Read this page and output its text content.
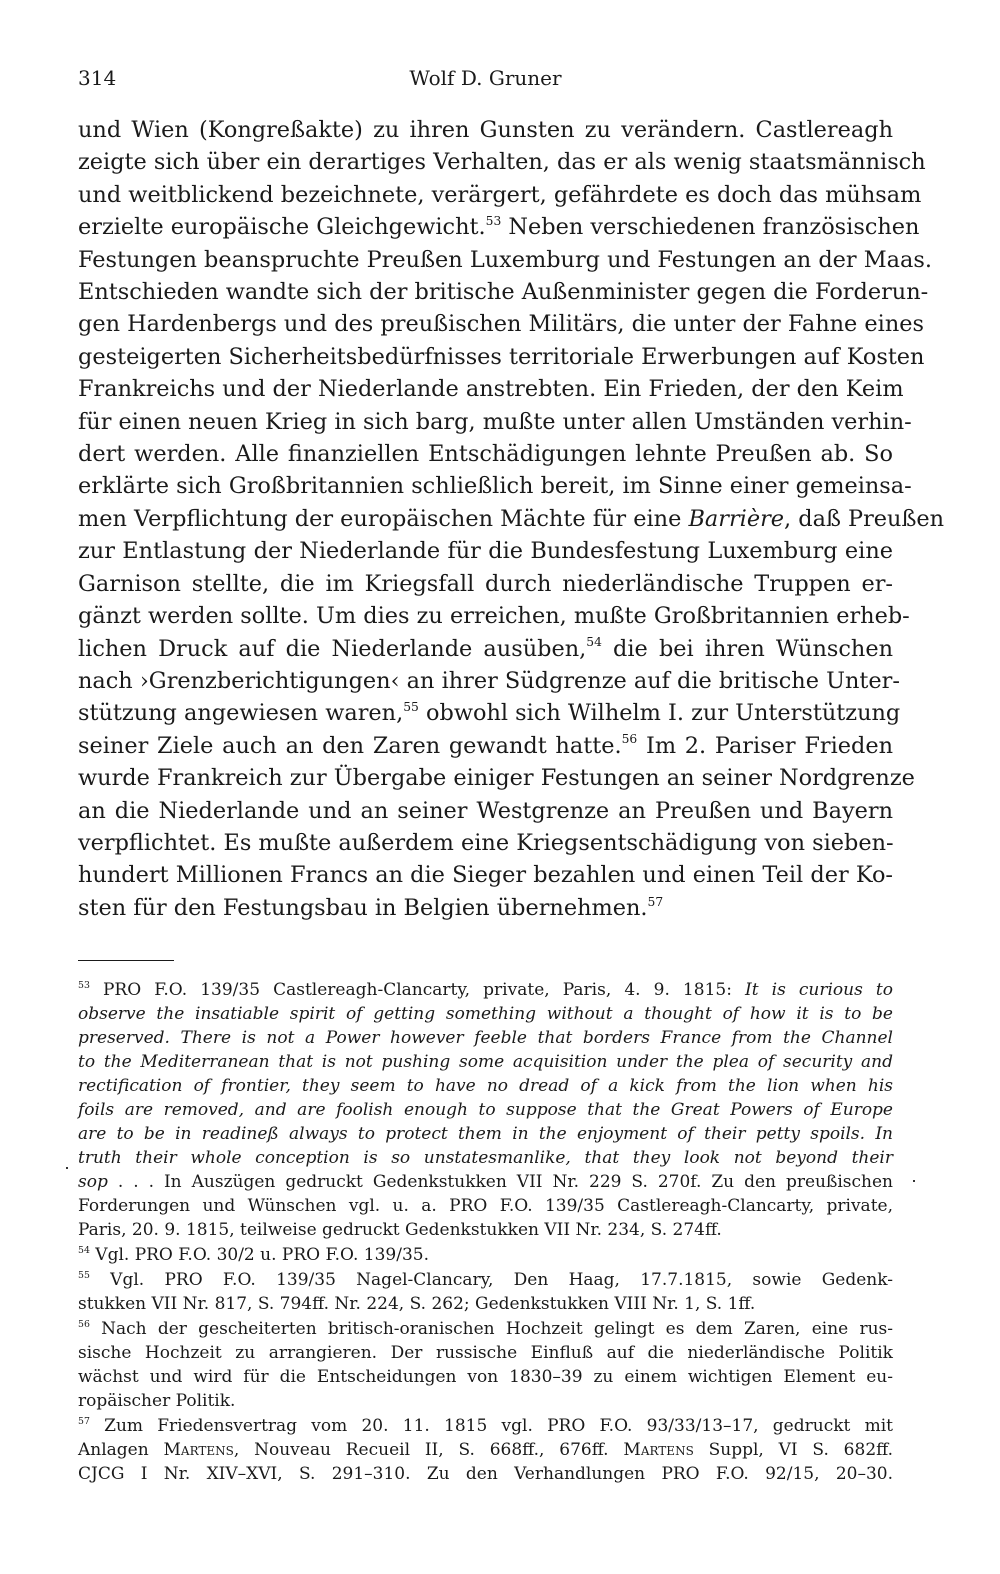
314	Wolf D. Gruner
und Wien (Kongreßakte) zu ihren Gunsten zu verändern. Castlereagh
zeigte sich über ein derartiges Verhalten, das er als wenig staatsmännisch
und weitblickend bezeichnete, verärgert, gefährdete es doch das mühsam
erzielte europäische Gleichgewicht.$^{53}$ Neben verschiedenen französischen
Festungen beanspruchte Preußen Luxemburg und Festungen an der Maas.
Entschieden wandte sich der britische Außenminister gegen die Forderun-
gen Hardenbergs und des preußischen Militärs, die unter der Fahne eines
gesteigerten Sicherheitsbedürfnisses territoriale Erwerbungen auf Kosten
Frankreichs und der Niederlande anstrebten. Ein Frieden, der den Keim
für einen neuen Krieg in sich barg, mußte unter allen Umständen verhin-
dert werden. Alle finanziellen Entschädigungen lehnte Preußen ab. So
erklärte sich Großbritannien schließlich bereit, im Sinne einer gemeinsa-
men Verpflichtung der europäischen Mächte für eine Barrière, daß Preußen
zur Entlastung der Niederlande für die Bundesfestung Luxemburg eine
Garnison stellte, die im Kriegsfall durch niederländische Truppen er-
gänzt werden sollte. Um dies zu erreichen, mußte Großbritannien erheb-
lichen Druck auf die Niederlande ausüben,$^{54}$ die bei ihren Wünschen
nach ›Grenzberichtigungen‹ an ihrer Südgrenze auf die britische Unter-
stützung angewiesen waren,$^{55}$ obwohl sich Wilhelm I. zur Unterstützung
seiner Ziele auch an den Zaren gewandt hatte.$^{56}$ Im 2. Pariser Frieden
wurde Frankreich zur Übergabe einiger Festungen an seiner Nordgrenze
an die Niederlande und an seiner Westgrenze an Preußen und Bayern
verpflichtet. Es mußte außerdem eine Kriegsentschädigung von sieben-
hundert Millionen Francs an die Sieger bezahlen und einen Teil der Ko-
sten für den Festungsbau in Belgien übernehmen.$^{57}$
$^{53}$ PRO F.O. 139/35 Castlereagh-Clancarty, private, Paris, 4. 9. 1815: It is curious to
observe the insatiable spirit of getting something without a thought of how it is to be
preserved. There is not a Power however feeble that borders France from the Channel
to the Mediterranean that is not pushing some acquisition under the plea of security and
rectification of frontier, they seem to have no dread of a kick from the lion when his
foils are removed, and are foolish enough to suppose that the Great Powers of Europe
are to be in readineß always to protect them in the enjoyment of their petty spoils. In
truth their whole conception is so unstatesmanlike, that they look not beyond their
sop . . . In Auszügen gedruckt Gedenkstukken VII Nr. 229 S. 270f. Zu den preußischen
Forderungen und Wünschen vgl. u. a. PRO F.O. 139/35 Castlereagh-Clancarty, private,
Paris, 20. 9. 1815, teilweise gedruckt Gedenkstukken VII Nr. 234, S. 274ff.
$^{54}$ Vgl. PRO F.O. 30/2 u. PRO F.O. 139/35.
$^{55}$ Vgl. PRO F.O. 139/35 Nagel-Clancary, Den Haag, 17.7.1815, sowie Gedenk-
stukken VII Nr. 817, S. 794ff. Nr. 224, S. 262; Gedenkstukken VIII Nr. 1, S. 1ff.
$^{56}$ Nach der gescheiterten britisch-oranischen Hochzeit gelingt es dem Zaren, eine rus-
sische Hochzeit zu arrangieren. Der russische Einfluß auf die niederländische Politik
wächst und wird für die Entscheidungen von 1830–39 zu einem wichtigen Element eu-
ropäischer Politik.
$^{57}$ Zum Friedensvertrag vom 20. 11. 1815 vgl. PRO F.O. 93/33/13–17, gedruckt mit
Anlagen Martens, Nouveau Recueil II, S. 668ff., 676ff. Martens Suppl, VI S. 682ff.
CJCG I Nr. XIV–XVI, S. 291–310. Zu den Verhandlungen PRO F.O. 92/15, 20–30.
